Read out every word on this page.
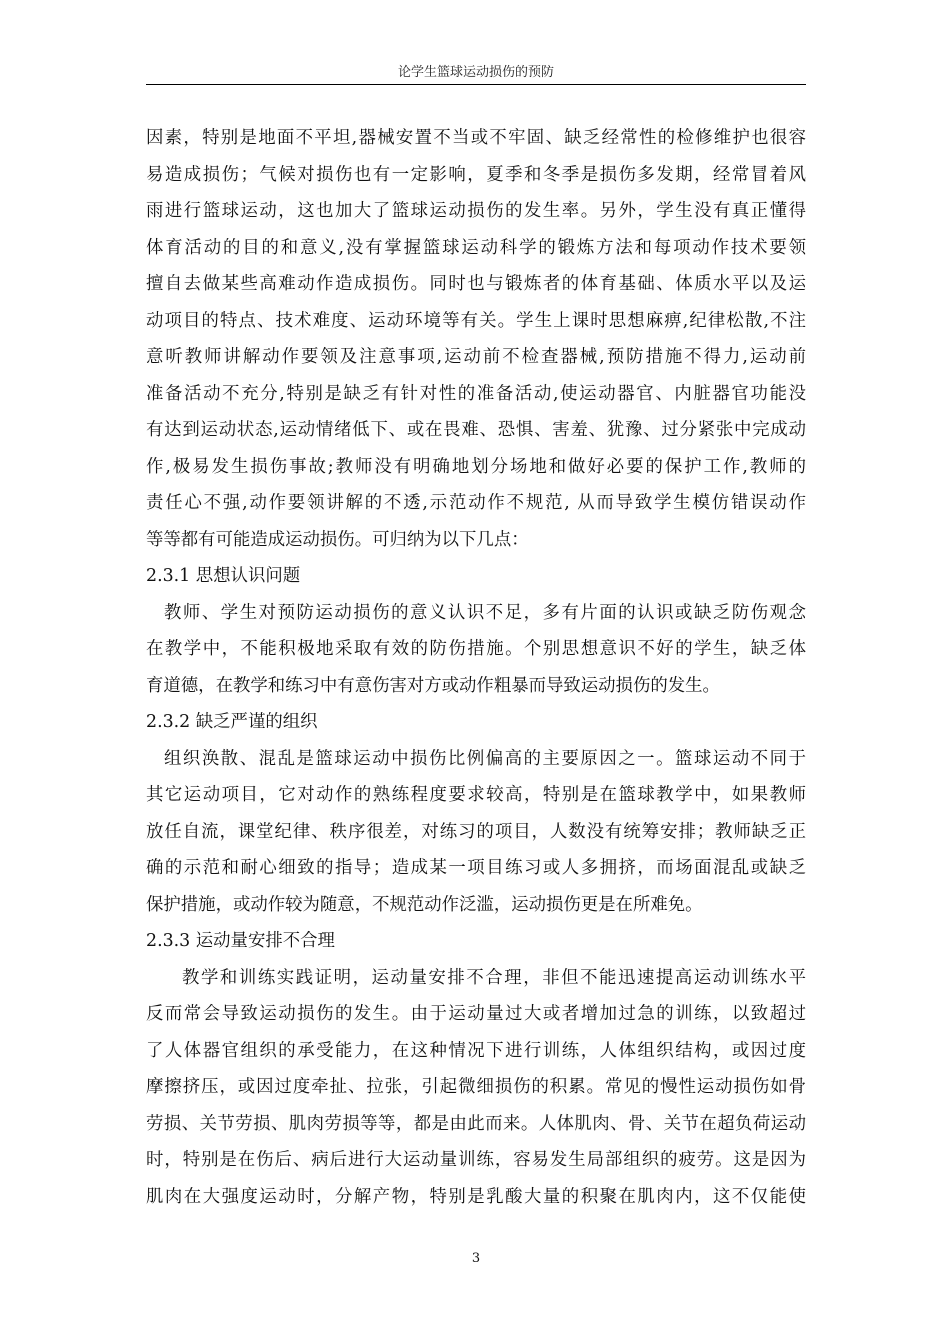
论学生篮球运动损伤的预防
因素，特别是地面不平坦,器械安置不当或不牢固、缺乏经常性的检修维护也很容
易造成损伤；气候对损伤也有一定影响，夏季和冬季是损伤多发期，经常冒着风
雨进行篮球运动，这也加大了篮球运动损伤的发生率。另外，学生没有真正懂得
体育活动的目的和意义,没有掌握篮球运动科学的锻炼方法和每项动作技术要领
擅自去做某些高难动作造成损伤。同时也与锻炼者的体育基础、体质水平以及运
动项目的特点、技术难度、运动环境等有关。学生上课时思想麻痹,纪律松散,不注
意听教师讲解动作要领及注意事项,运动前不检查器械,预防措施不得力,运动前
准备活动不充分,特别是缺乏有针对性的准备活动,使运动器官、内脏器官功能没
有达到运动状态,运动情绪低下、或在畏难、恐惧、害羞、犹豫、过分紧张中完成动
作,极易发生损伤事故;教师没有明确地划分场地和做好必要的保护工作,教师的
责任心不强,动作要领讲解的不透,示范动作不规范, 从而导致学生模仿错误动作
等等都有可能造成运动损伤。可归纳为以下几点：
2.3.1 思想认识问题
教师、学生对预防运动损伤的意义认识不足，多有片面的认识或缺乏防伤观念
在教学中，不能积极地采取有效的防伤措施。个别思想意识不好的学生，缺乏体
育道德，在教学和练习中有意伤害对方或动作粗暴而导致运动损伤的发生。
2.3.2 缺乏严谨的组织
组织涣散、混乱是篮球运动中损伤比例偏高的主要原因之一。篮球运动不同于
其它运动项目，它对动作的熟练程度要求较高，特别是在篮球教学中，如果教师
放任自流，课堂纪律、秩序很差，对练习的项目，人数没有统筹安排；教师缺乏正
确的示范和耐心细致的指导；造成某一项目练习或人多拥挤，而场面混乱或缺乏
保护措施，或动作较为随意，不规范动作泛滥，运动损伤更是在所难免。
2.3.3 运动量安排不合理
教学和训练实践证明，运动量安排不合理，非但不能迅速提高运动训练水平
反而常会导致运动损伤的发生。由于运动量过大或者增加过急的训练，以致超过
了人体器官组织的承受能力，在这种情况下进行训练，人体组织结构，或因过度
摩擦挤压，或因过度牵扯、拉张，引起微细损伤的积累。常见的慢性运动损伤如骨
劳损、关节劳损、肌肉劳损等等，都是由此而来。人体肌肉、骨、关节在超负荷运动
时，特别是在伤后、病后进行大运动量训练，容易发生局部组织的疲劳。这是因为
肌肉在大强度运动时，分解产物，特别是乳酸大量的积聚在肌肉内，这不仅能使
3
